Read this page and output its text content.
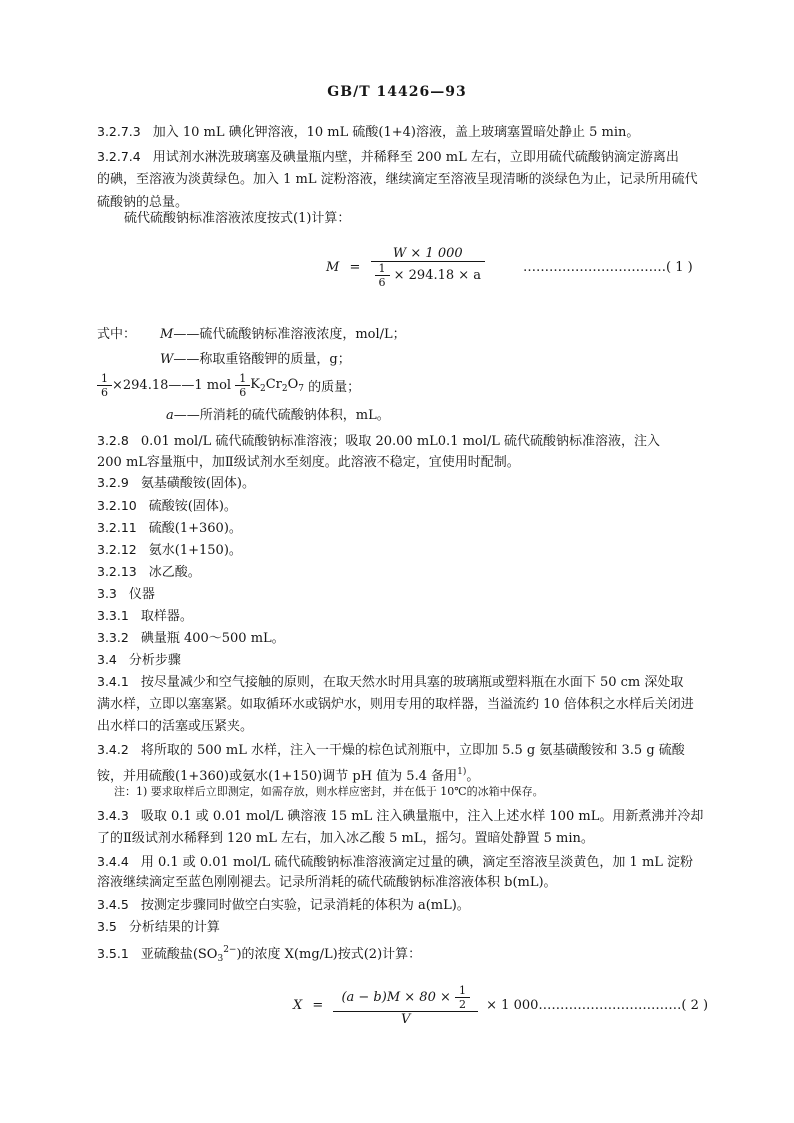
GB/T 14426—93
3.2.7.3 加入 10 mL 碘化钾溶液，10 mL 硫酸(1+4)溶液，盖上玻璃塞置暗处静止 5 min。
3.2.7.4 用试剂水淋洗玻璃塞及碘量瓶内壁，并稀释至 200 mL 左右，立即用硫代硫酸钠滴定游离出
的碘，至溶液为淡黄绿色。加入 1 mL 淀粉溶液，继续滴定至溶液呈现清晰的淡绿色为止，记录所用硫代
硫酸钠的总量。
硫代硫酸钠标准溶液浓度按式(1)计算：
$M = \frac{W \times 1 000}{\frac{1}{6} \times 294.18 \times a}$	……………………………( 1 )
式中： M——硫代硫酸钠标准溶液浓度，mol/L；
W——称取重铬酸钾的质量，g；
$\frac{1}{6}$ ×294.18——1 mol $\frac{1}{6} K_2Cr_2O_7$ 的质量；
a——所消耗的硫代硫酸钠体积，mL。
3.2.8 0.01 mol/L 硫代硫酸钠标准溶液；吸取 20.00 mL0.1 mol/L 硫代硫酸钠标准溶液，注入
200 mL容量瓶中，加Ⅱ级试剂水至刻度。此溶液不稳定，宜使用时配制。
3.2.9 氨基磺酸铵(固体)。
3.2.10 硫酸铵(固体)。
3.2.11 硫酸(1+360)。
3.2.12 氨水(1+150)。
3.2.13 冰乙酸。
3.3 仪器
3.3.1 取样器。
3.3.2 碘量瓶 400～500 mL。
3.4 分析步骤
3.4.1 按尽量减少和空气接触的原则，在取天然水时用具塞的玻璃瓶或塑料瓶在水面下 50 cm 深处取
满水样，立即以塞塞紧。如取循环水或锅炉水，则用专用的取样器，当溢流约 10 倍体积之水样后关闭进
出水样口的活塞或压紧夹。
3.4.2 将所取的 500 mL 水样，注入一干燥的棕色试剂瓶中，立即加 5.5 g 氨基磺酸铵和 3.5 g 硫酸
铵，并用硫酸(1+360)或氨水(1+150)调节 pH 值为 5.4 备用$^{1)}$。
注：1) 要求取样后立即测定，如需存放，则水样应密封，并在低于 10℃的冰箱中保存。
3.4.3 吸取 0.1 或 0.01 mol/L 碘溶液 15 mL 注入碘量瓶中，注入上述水样 100 mL。用新煮沸并冷却
了的Ⅱ级试剂水稀释到 120 mL 左右，加入冰乙酸 5 mL，摇匀。置暗处静置 5 min。
3.4.4 用 0.1 或 0.01 mol/L 硫代硫酸钠标准溶液滴定过量的碘，滴定至溶液呈淡黄色，加 1 mL 淀粉
溶液继续滴定至蓝色刚刚褪去。记录所消耗的硫代硫酸钠标准溶液体积 b(mL)。
3.4.5 按测定步骤同时做空白实验，记录消耗的体积为 a(mL)。
3.5 分析结果的计算
3.5.1 亚硫酸盐$(SO_3^{2-})$的浓度 X(mg/L)按式(2)计算：
$X = \frac{(a - b)M \times 80 \times \frac{1}{2}}{V} \times 1$ 000……………………………( 2 )
